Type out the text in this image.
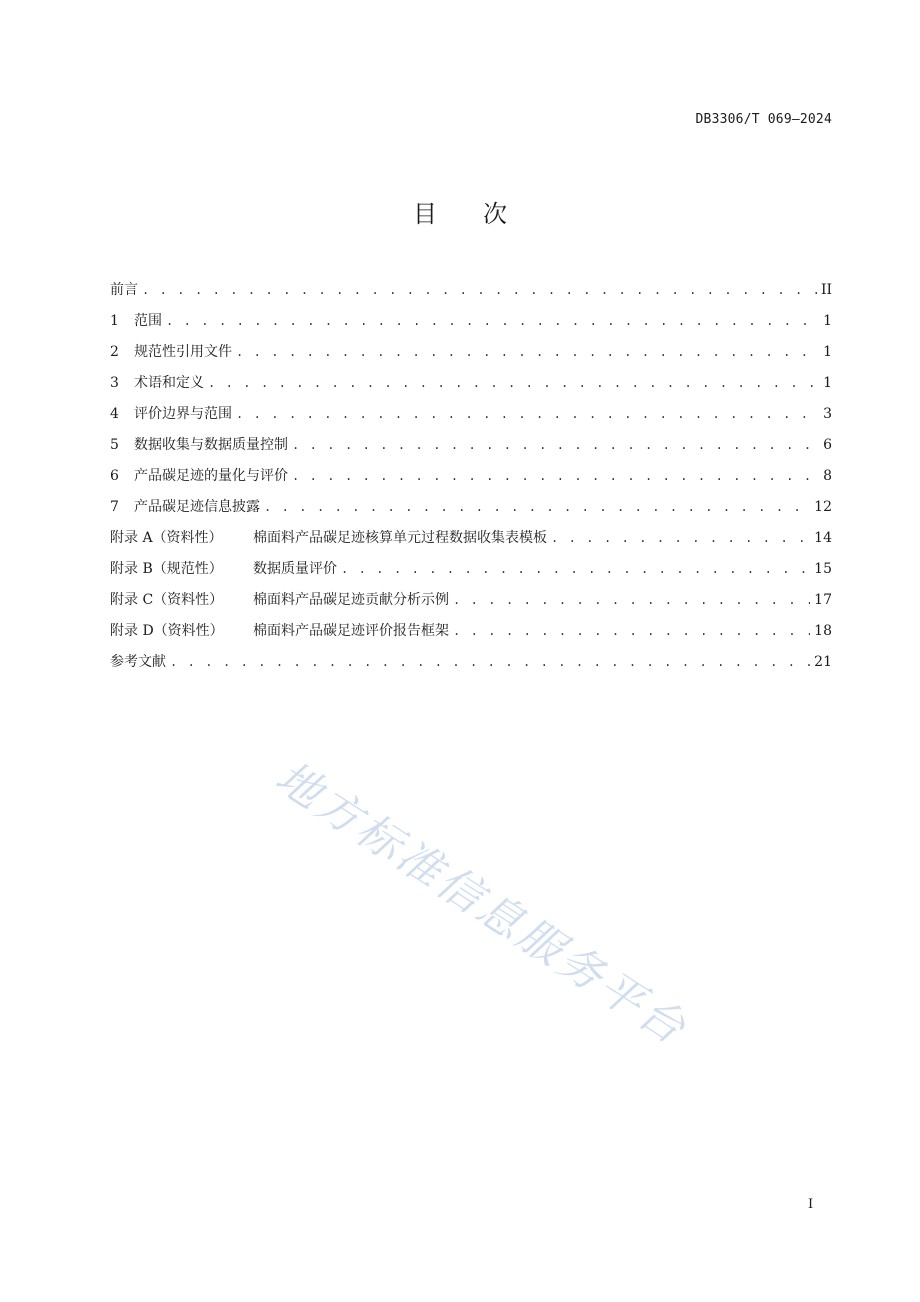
DB3306/T 069—2024
目 次
前言 . . .	II
1 范围 . . .	1
2 规范性引用文件 . . .	1
3 术语和定义 . . .	1
4 评价边界与范围 . . .	3
5 数据收集与数据质量控制 . . .	6
6 产品碳足迹的量化与评价 . . .	8
7 产品碳足迹信息披露 . . .	12
附录 A（资料性） 棉面料产品碳足迹核算单元过程数据收集表模板 . . .	14
附录 B（规范性） 数据质量评价 . . .	15
附录 C（资料性） 棉面料产品碳足迹贡献分析示例 . . .	17
附录 D（资料性） 棉面料产品碳足迹评价报告框架 . . .	18
参考文献 . . .	21
地方标准信息服务平台
I
